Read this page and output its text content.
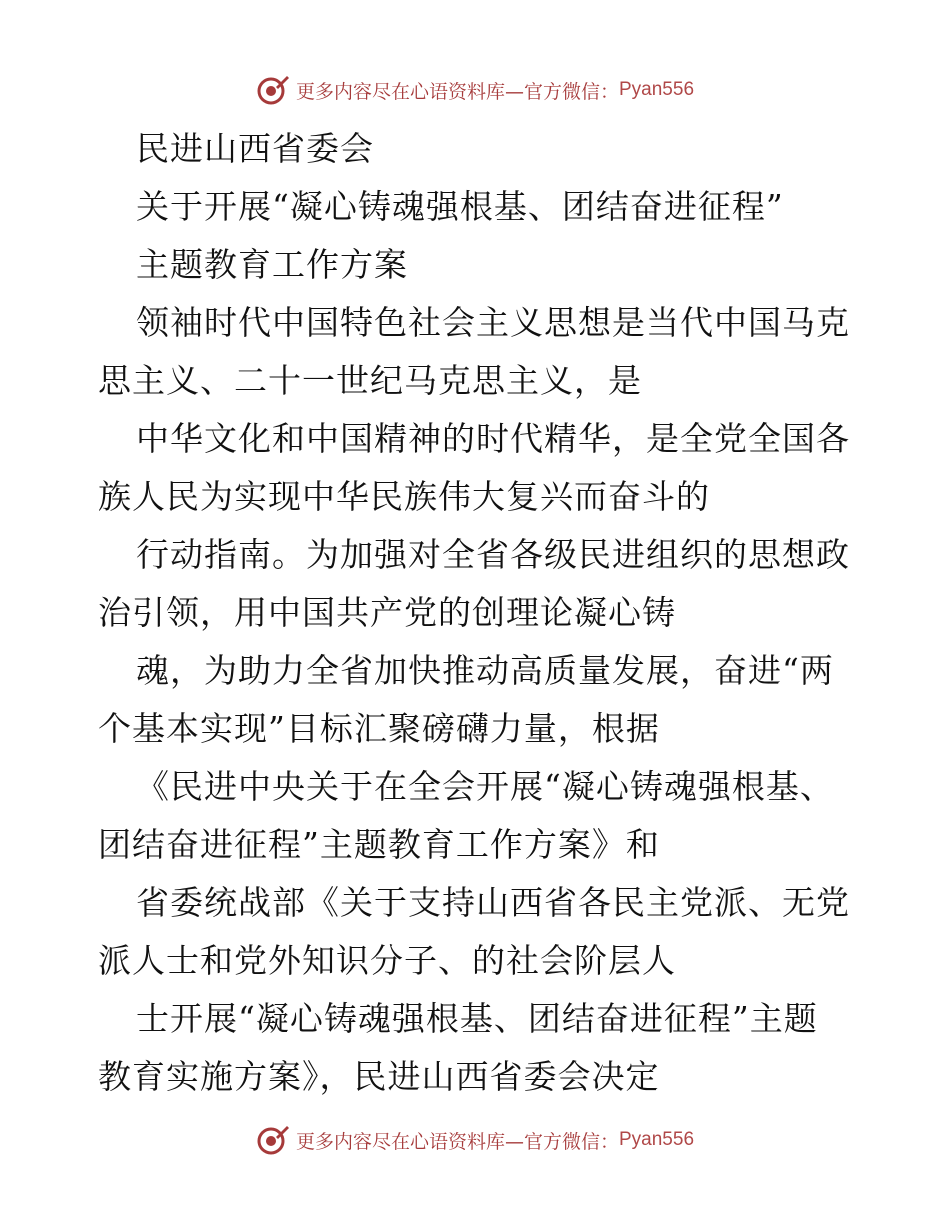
更多内容尽在心语资料库—官方微信： Pyan556
民进山西省委会
关于开展“凝心铸魂强根基、团结奋进征程”
主题教育工作方案
领袖时代中国特色社会主义思想是当代中国马克
思主义、二十一世纪马克思主义，是
中华文化和中国精神的时代精华，是全党全国各
族人民为实现中华民族伟大复兴而奋斗的
行动指南。为加强对全省各级民进组织的思想政
治引领，用中国共产党的创理论凝心铸
魂，为助力全省加快推动高质量发展，奋进“两
个基本实现”目标汇聚磅礴力量，根据
《民进中央关于在全会开展“凝心铸魂强根基、
团结奋进征程”主题教育工作方案》和
省委统战部《关于支持山西省各民主党派、无党
派人士和党外知识分子、的社会阶层人
士开展“凝心铸魂强根基、团结奋进征程”主题
教育实施方案》，民进山西省委会决定
更多内容尽在心语资料库—官方微信： Pyan556
